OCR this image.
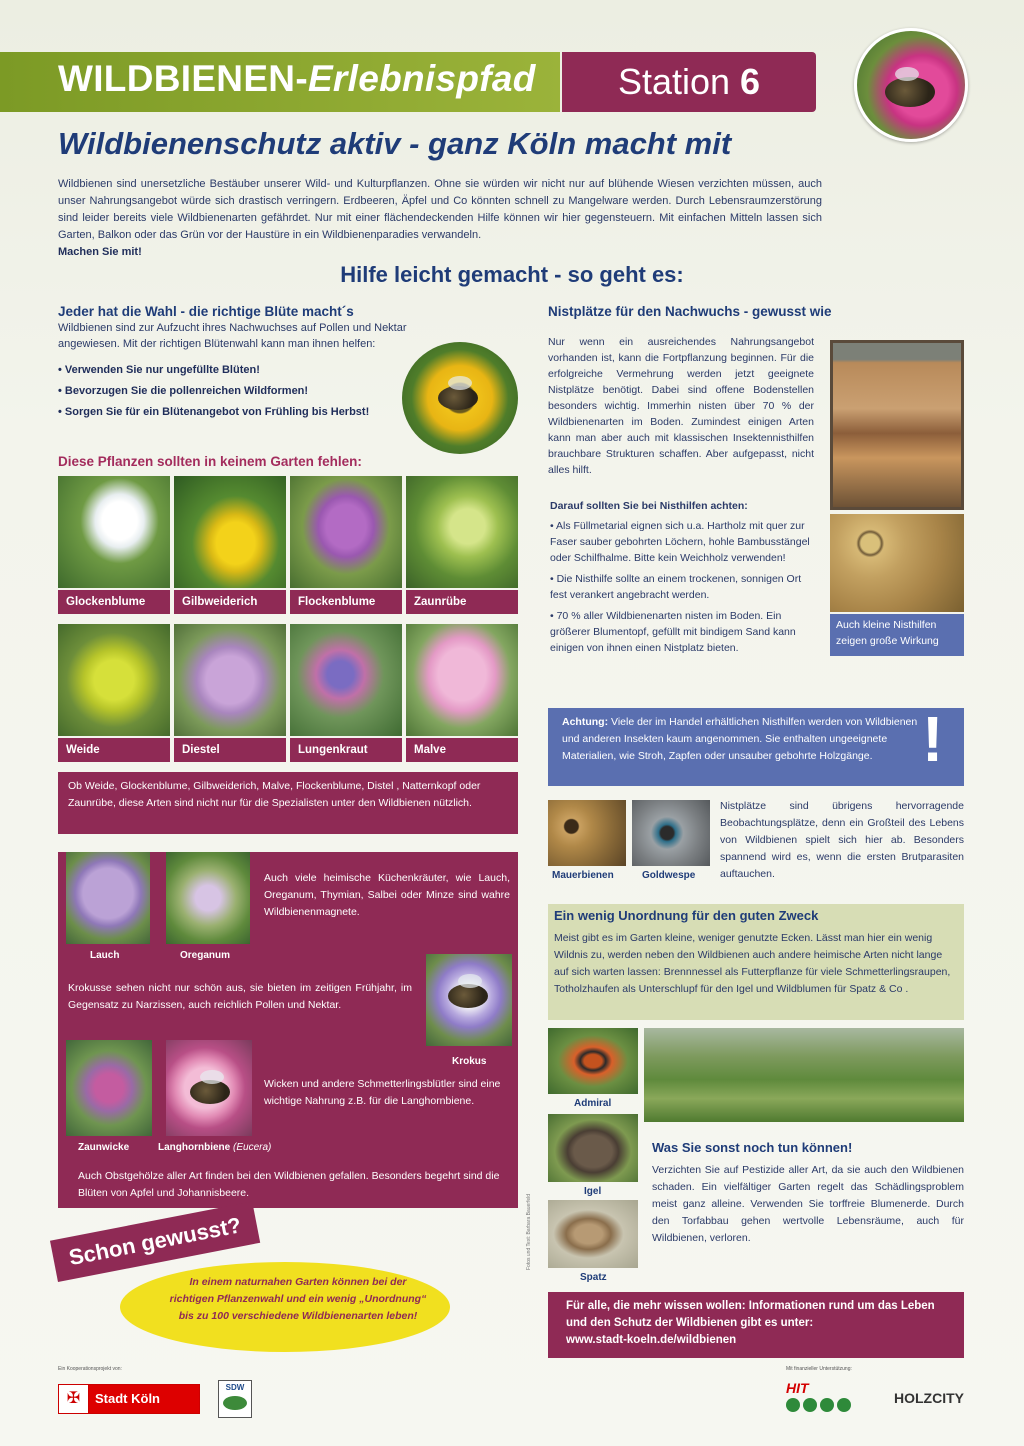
WILDBIENEN-Erlebnispfad Station 6
Wildbienenschutz aktiv - ganz Köln macht mit
Wildbienen sind unersetzliche Bestäuber unserer Wild- und Kulturpflanzen. Ohne sie würden wir nicht nur auf blühende Wiesen verzichten müssen, auch unser Nahrungsangebot würde sich drastisch verringern. Erdbeeren, Äpfel und Co könnten schnell zu Mangelware werden. Durch Lebensraumzerstörung sind leider bereits viele Wildbienenarten gefährdet. Nur mit einer flächendeckenden Hilfe können wir hier gegensteuern. Mit einfachen Mitteln lassen sich Garten, Balkon oder das Grün vor der Haustüre in ein Wildbienenparadies verwandeln.
Machen Sie mit!
Hilfe leicht gemacht - so geht es:
Jeder hat die Wahl - die richtige Blüte macht´s
Wildbienen sind zur Aufzucht ihres Nachwuchses auf Pollen und Nektar angewiesen. Mit der richtigen Blütenwahl kann man ihnen helfen:
• Verwenden Sie nur ungefüllte Blüten!
• Bevorzugen Sie die pollenreichen Wildformen!
• Sorgen Sie für ein Blütenangebot von Frühling bis Herbst!
Diese Pflanzen sollten in keinem Garten fehlen:
Glockenblume	Gilbweiderich	Flockenblume	Zaunrübe
Weide	Diestel	Lungenkraut	Malve
Ob Weide, Glockenblume, Gilbweiderich, Malve, Flockenblume, Distel , Natternkopf oder Zaunrübe, diese Arten sind nicht nur für die Spezialisten unter den Wildbienen nützlich.
Lauch	Oreganum
Auch viele heimische Küchenkräuter, wie Lauch, Oreganum, Thymian, Salbei oder Minze sind wahre Wildbienenmagnete.
Krokusse sehen nicht nur schön aus, sie bieten im zeitigen Frühjahr, im Gegensatz zu Narzissen, auch reichlich Pollen und Nektar.
Krokus
Zaunwicke	Langhornbiene (Eucera)
Wicken und andere Schmetterlingsblütler sind eine wichtige Nahrung z.B. für die Langhornbiene.
Auch Obstgehölze aller Art finden bei den Wildbienen gefallen. Besonders begehrt sind die Blüten von Apfel und Johannisbeere.
Schon gewusst?
In einem naturnahen Garten können bei der richtigen Pflanzenwahl und ein wenig „Unordnung“ bis zu 100 verschiedene Wildbienenarten leben!
Nistplätze für den Nachwuchs - gewusst wie
Nur wenn ein ausreichendes Nahrungsangebot vorhanden ist, kann die Fortpflanzung beginnen. Für die erfolgreiche Vermehrung werden jetzt geeignete Nistplätze benötigt. Dabei sind offene Bodenstellen besonders wichtig. Immerhin nisten über 70 % der Wildbienenarten im Boden. Zumindest einigen Arten kann man aber auch mit klassischen Insektennisthilfen brauchbare Strukturen schaffen. Aber aufgepasst, nicht alles hilft.
Darauf sollten Sie bei Nisthilfen achten:
• Als Füllmetarial eignen sich u.a. Hartholz mit quer zur Faser sauber gebohrten Löchern, hohle Bambusstängel oder Schilfhalme. Bitte kein Weichholz verwenden!
• Die Nisthilfe sollte an einem trockenen, sonnigen Ort fest verankert angebracht werden.
• 70 % aller Wildbienenarten nisten im Boden. Ein größerer Blumentopf, gefüllt mit bindigem Sand kann einigen von ihnen einen Nistplatz bieten.
Auch kleine Nisthilfen zeigen große Wirkung
Achtung: Viele der im Handel erhältlichen Nisthilfen werden von Wildbienen und anderen Insekten kaum angenommen. Sie enthalten ungeeignete Materialien, wie Stroh, Zapfen oder unsauber gebohrte Holzgänge. !
Mauerbienen	Goldwespe
Nistplätze sind übrigens hervorragende Beobachtungsplätze, denn ein Großteil des Lebens von Wildbienen spielt sich hier ab. Besonders spannend wird es, wenn die ersten Brutparasiten auftauchen.
Ein wenig Unordnung für den guten Zweck
Meist gibt es im Garten kleine, weniger genutzte Ecken. Lässt man hier ein wenig Wildnis zu, werden neben den Wildbienen auch andere heimische Arten nicht lange auf sich warten lassen: Brennnessel als Futterpflanze für viele Schmetterlingsraupen, Totholzhaufen als Unterschlupf für den Igel und Wildblumen für Spatz & Co .
Admiral
Igel
Spatz
Was Sie sonst noch tun können!
Verzichten Sie auf Pestizide aller Art, da sie auch den Wildbienen schaden. Ein vielfältiger Garten regelt das Schädlingsproblem meist ganz alleine. Verwenden Sie torffreie Blumenerde. Durch den Torfabbau gehen wertvolle Lebensräume, auch für Wildbienen, verloren.
Für alle, die mehr wissen wollen: Informationen rund um das Leben und den Schutz der Wildbienen gibt es unter:
www.stadt-koeln.de/wildbienen
Ein Kooperationsprojekt von:
✠	Stadt Köln
SDW
Fotos und Text: Barbara Bauerfeld
Mit finanzieller Unterstützung:
HIT
HOLZCITY
